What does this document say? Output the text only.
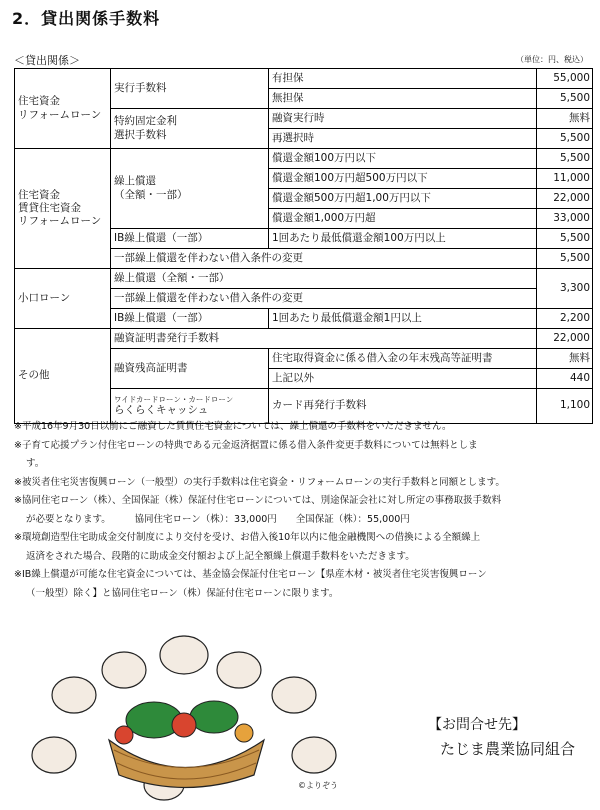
2．貸出関係手数料
＜貸出関係＞	（単位：円、税込）
住宅資金
リフォームローン	実行手数料	有担保	55,000
		無担保	5,500
	特約固定金利
選択手数料	融資実行時	無料
		再選択時	5,500
住宅資金
賃貸住宅資金
リフォームローン	繰上償還
（全額・一部）	償還金額100万円以下	5,500
		償還金額100万円超500万円以下	11,000
		償還金額500万円超1,00万円以下	22,000
		償還金額1,000万円超	33,000
	IB繰上償還（一部）	1回あたり最低償還金額100万円以上	5,500
	一部繰上償還を伴わない借入条件の変更		5,500
小口ローン	繰上償還（全額・一部）		3,300
	一部繰上償還を伴わない借入条件の変更		
	IB繰上償還（一部）	1回あたり最低償還金額1円以上	2,200
その他	融資証明書発行手数料		22,000
	融資残高証明書	住宅取得資金に係る借入金の年末残高等証明書	無料
		上記以外	440

	ワイドカードローン・カードローン
らくらくキャッシュ	カード再発行手数料	1,100

※平成16年9月30日以前にご融資した賃貸住宅資金については、繰上償還の手数料をいただきません。

※子育て応援プラン付住宅ローンの特典である元金返済据置に係る借入条件変更手数料については無料としま

す。

※被災者住宅災害復興ローン（一般型）の実行手数料は住宅資金・リフォームローンの実行手数料と同額とします。

※協同住宅ローン（株）、全国保証（株）保証付住宅ローンについては、別途保証会社に対し所定の事務取扱手数料

が必要となります。　　　協同住宅ローン（株）：33,000円　　全国保証（株）：55,000円

※環境創造型住宅助成金交付制度により交付を受け、お借入後10年以内に他金融機関への借換による全額繰上

返済をされた場合、段階的に助成金交付額および上記全額繰上償還手数料をいただきます。

※IB繰上償還が可能な住宅資金については、基金協会保証付住宅ローン【県産木材・被災者住宅災害復興ローン

（一般型）除く】と協同住宅ローン（株）保証付住宅ローンに限ります。

©よりぞう
【お問合せ先】
たじま農業協同組合
